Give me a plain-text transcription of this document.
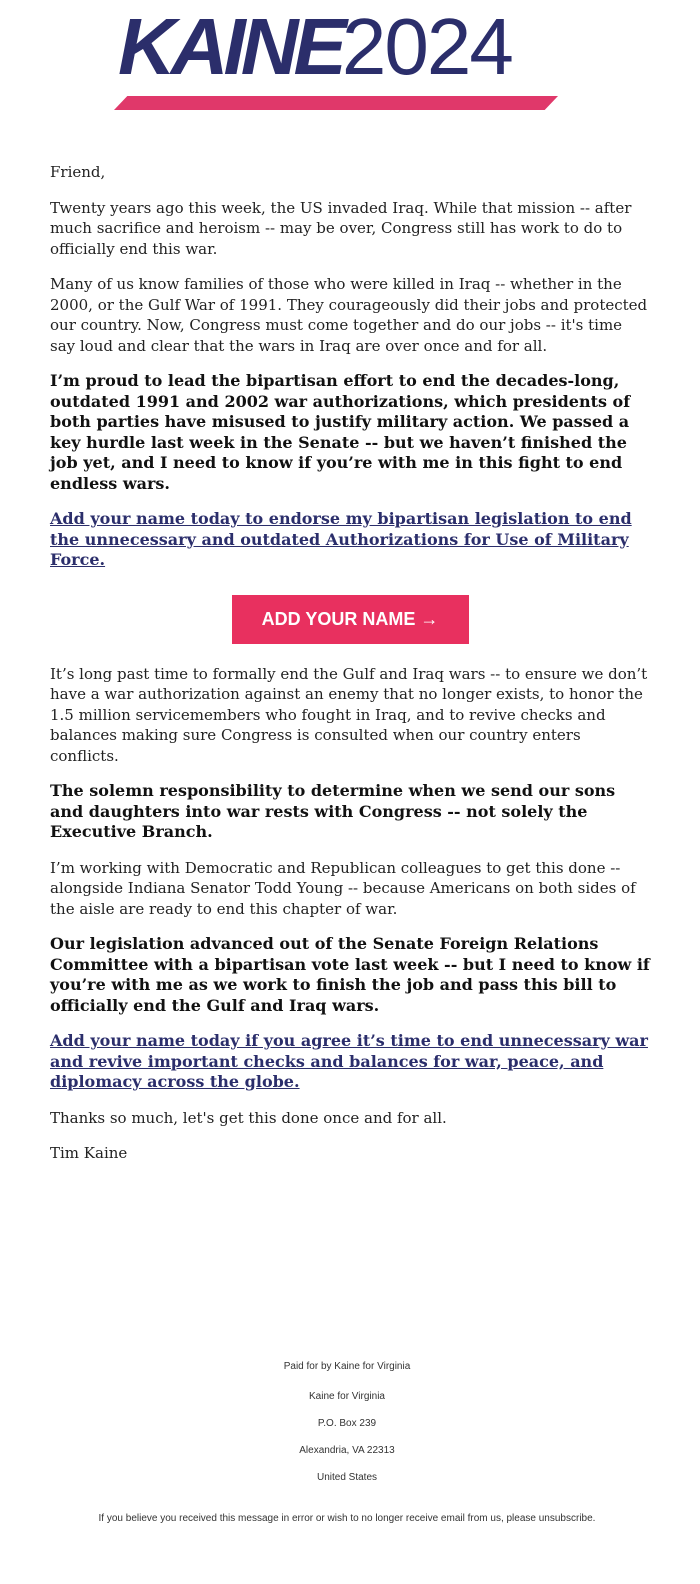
KAINE2024

Friend,

Twenty years ago this week, the US invaded Iraq. While that mission -- after much sacrifice and heroism -- may be over, Congress still has work to do to officially end this war.

Many of us know families of those who were killed in Iraq -- whether in the 2000, or the Gulf War of 1991. They courageously did their jobs and protected our country. Now, Congress must come together and do our jobs -- it's time say loud and clear that the wars in Iraq are over once and for all.

I’m proud to lead the bipartisan effort to end the decades-long, outdated 1991 and 2002 war authorizations, which presidents of both parties have misused to justify military action. We passed a key hurdle last week in the Senate -- but we haven’t finished the job yet, and I need to know if you’re with me in this fight to end endless wars.

Add your name today to endorse my bipartisan legislation to end the unnecessary and outdated Authorizations for Use of Military Force.
ADD YOUR NAME →

It’s long past time to formally end the Gulf and Iraq wars -- to ensure we don’t have a war authorization against an enemy that no longer exists, to honor the 1.5 million servicemembers who fought in Iraq, and to revive checks and balances making sure Congress is consulted when our country enters conflicts.

The solemn responsibility to determine when we send our sons and daughters into war rests with Congress -- not solely the Executive Branch.

I’m working with Democratic and Republican colleagues to get this done -- alongside Indiana Senator Todd Young -- because Americans on both sides of the aisle are ready to end this chapter of war.

Our legislation advanced out of the Senate Foreign Relations Committee with a bipartisan vote last week -- but I need to know if you’re with me as we work to finish the job and pass this bill to officially end the Gulf and Iraq wars.

Add your name today if you agree it’s time to end unnecessary war and revive important checks and balances for war, peace, and diplomacy across the globe.

Thanks so much, let's get this done once and for all.

Tim Kaine

Paid for by Kaine for Virginia
Kaine for Virginia
P.O. Box 239
Alexandria, VA 22313
United States
If you believe you received this message in error or wish to no longer receive email from us, please unsubscribe.
